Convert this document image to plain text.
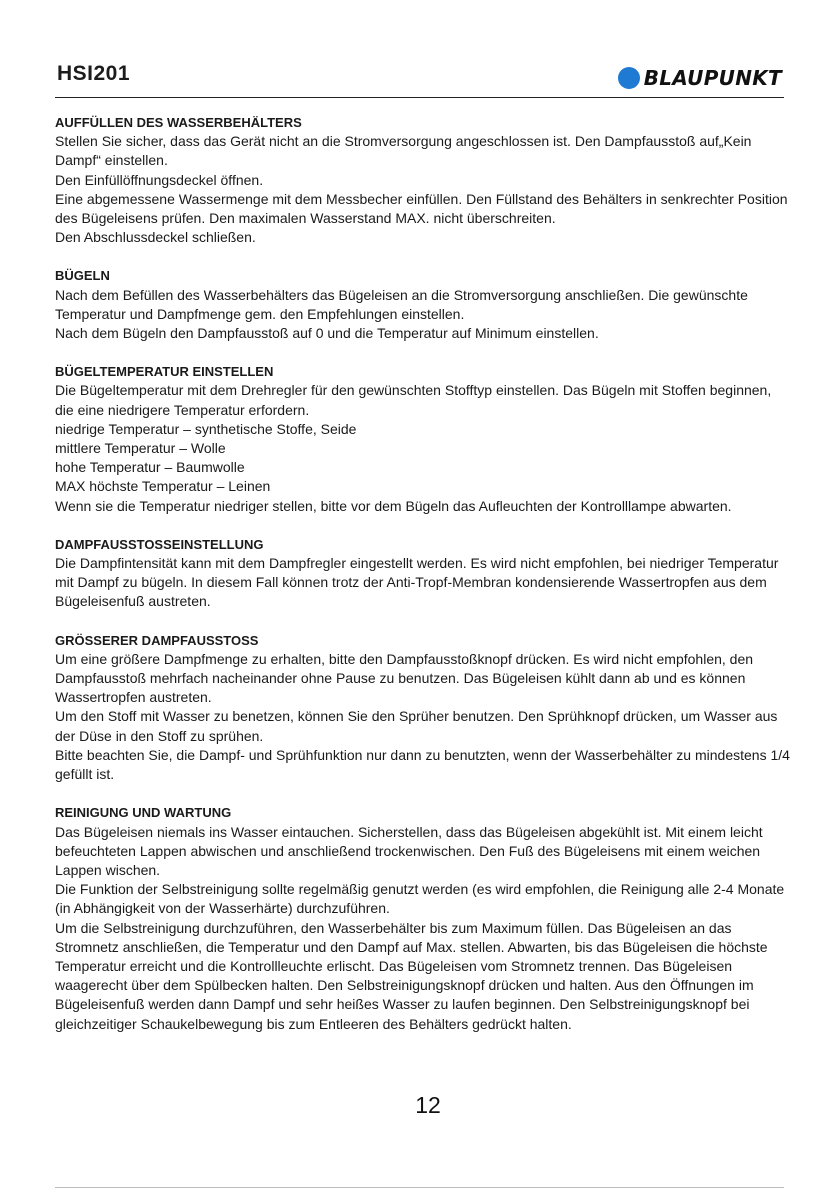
HSI201	BLAUPUNKT
AUFFÜLLEN DES WASSERBEHÄLTERS

Stellen Sie sicher, dass das Gerät nicht an die Stromversorgung angeschlossen ist. Den Dampfausstoß auf„Kein Dampf“ einstellen.

Den Einfüllöffnungsdeckel öffnen.

Eine abgemessene Wassermenge mit dem Messbecher einfüllen. Den Füllstand des Behälters in senkrechter Position des Bügeleisens prüfen. Den maximalen Wasserstand MAX. nicht überschreiten.

Den Abschlussdeckel schließen.

BÜGELN

Nach dem Befüllen des Wasserbehälters das Bügeleisen an die Stromversorgung anschließen. Die gewünschte Temperatur und Dampfmenge gem. den Empfehlungen einstellen.

Nach dem Bügeln den Dampfausstoß auf 0 und die Temperatur auf Minimum einstellen.

BÜGELTEMPERATUR EINSTELLEN

Die Bügeltemperatur mit dem Drehregler für den gewünschten Stofftyp einstellen. Das Bügeln mit Stoffen beginnen, die eine niedrigere Temperatur erfordern.

niedrige Temperatur – synthetische Stoffe, Seide

mittlere Temperatur – Wolle

hohe Temperatur – Baumwolle

MAX höchste Temperatur – Leinen

Wenn sie die Temperatur niedriger stellen, bitte vor dem Bügeln das Aufleuchten der Kontrolllampe abwarten.

DAMPFAUSSTOSSEINSTELLUNG

Die Dampfintensität kann mit dem Dampfregler eingestellt werden. Es wird nicht empfohlen, bei niedriger Temperatur mit Dampf zu bügeln. In diesem Fall können trotz der Anti-Tropf-Membran kondensierende Wassertropfen aus dem Bügeleisenfuß austreten.

GRÖSSERER DAMPFAUSSTOSS

Um eine größere Dampfmenge zu erhalten, bitte den Dampfausstoßknopf drücken. Es wird nicht empfohlen, den Dampfausstoß mehrfach nacheinander ohne Pause zu benutzen. Das Bügeleisen kühlt dann ab und es können Wassertropfen austreten.

Um den Stoff mit Wasser zu benetzen, können Sie den Sprüher benutzen. Den Sprühknopf drücken, um Wasser aus der Düse in den Stoff zu sprühen.

Bitte beachten Sie, die Dampf- und Sprühfunktion nur dann zu benutzten, wenn der Wasserbehälter zu mindestens 1/4 gefüllt ist.

REINIGUNG UND WARTUNG

Das Bügeleisen niemals ins Wasser eintauchen. Sicherstellen, dass das Bügeleisen abgekühlt ist. Mit einem leicht befeuchteten Lappen abwischen und anschließend trockenwischen. Den Fuß des Bügeleisens mit einem weichen Lappen wischen.

Die Funktion der Selbstreinigung sollte regelmäßig genutzt werden (es wird empfohlen, die Reinigung alle 2-4 Monate (in Abhängigkeit von der Wasserhärte) durchzuführen.

Um die Selbstreinigung durchzuführen, den Wasserbehälter bis zum Maximum füllen. Das Bügeleisen an das Stromnetz anschließen, die Temperatur und den Dampf auf Max. stellen. Abwarten, bis das Bügeleisen die höchste Temperatur erreicht und die Kontrollleuchte erlischt. Das Bügeleisen vom Stromnetz trennen. Das Bügeleisen waagerecht über dem Spülbecken halten. Den Selbstreinigungsknopf drücken und halten. Aus den Öffnungen im Bügeleisenfuß werden dann Dampf und sehr heißes Wasser zu laufen beginnen. Den Selbstreinigungsknopf bei gleichzeitiger Schaukelbewegung bis zum Entleeren des Behälters gedrückt halten.

12
